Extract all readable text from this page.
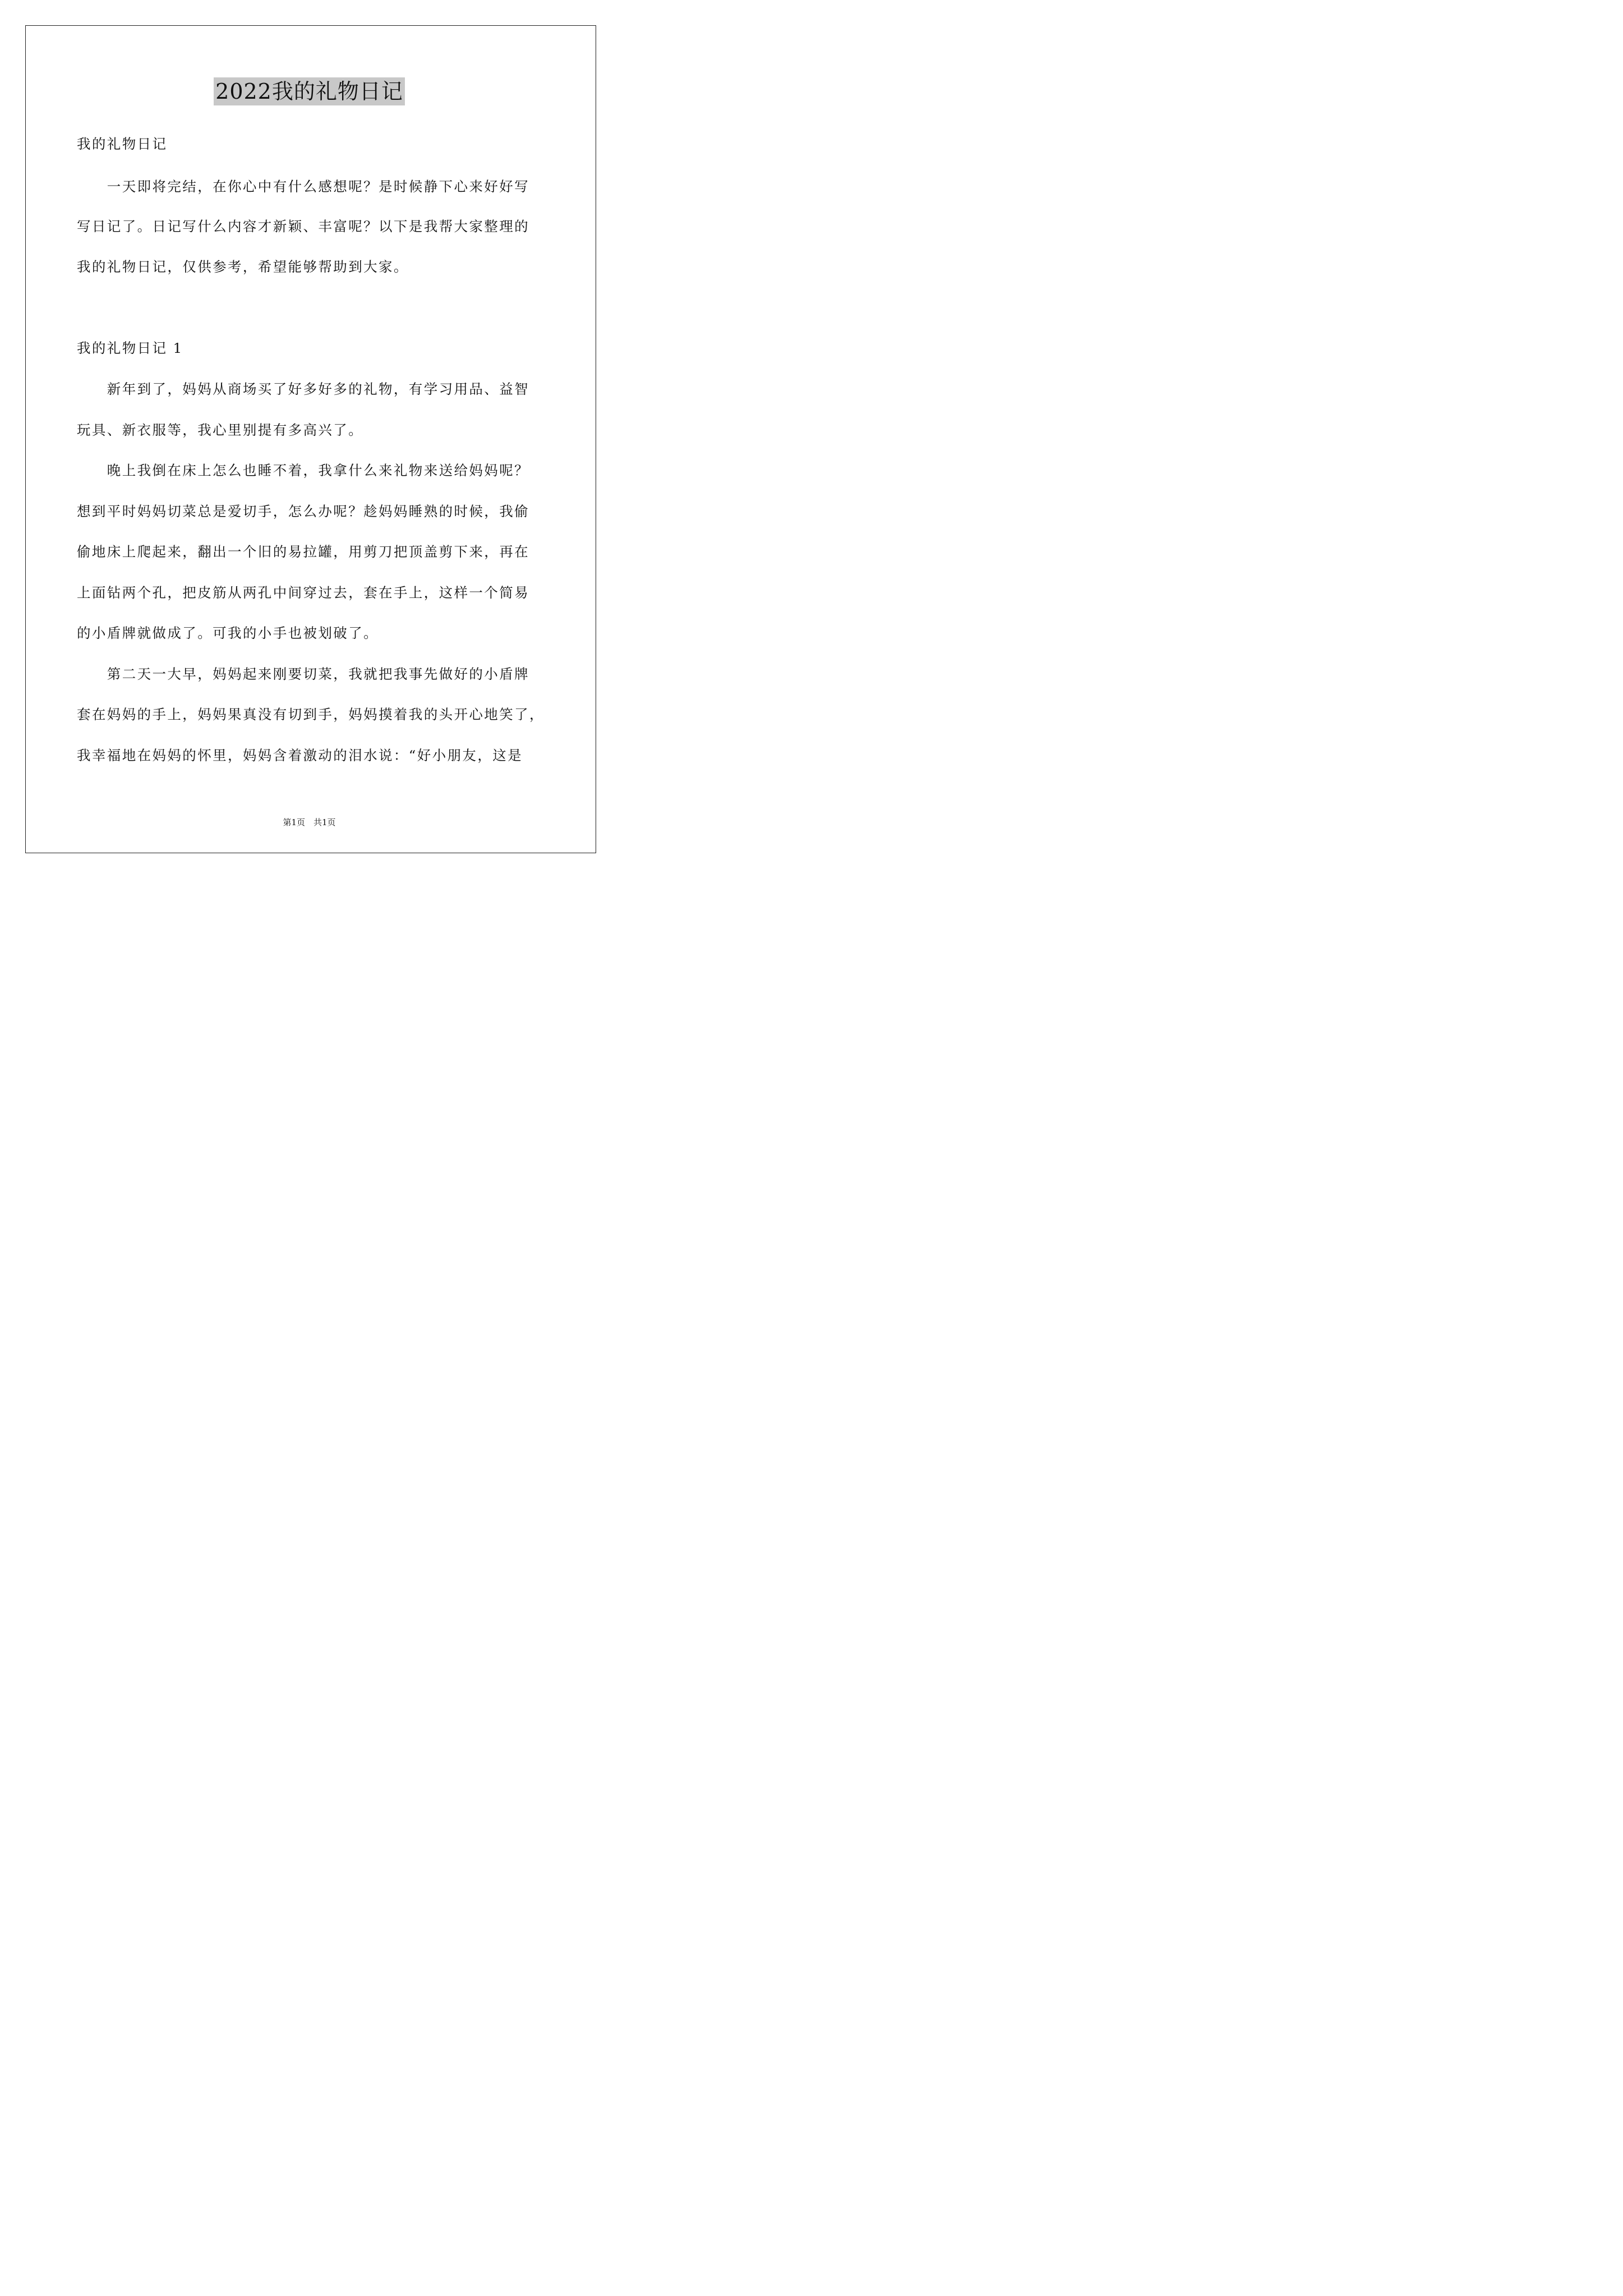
2022我的礼物日记
我的礼物日记
　　一天即将完结，在你心中有什么感想呢？是时候静下心来好好写
写日记了。日记写什么内容才新颖、丰富呢？以下是我帮大家整理的
我的礼物日记，仅供参考，希望能够帮助到大家。
我的礼物日记 1
　　新年到了，妈妈从商场买了好多好多的礼物，有学习用品、益智
玩具、新衣服等，我心里别提有多高兴了。
　　晚上我倒在床上怎么也睡不着，我拿什么来礼物来送给妈妈呢？
想到平时妈妈切菜总是爱切手，怎么办呢？趁妈妈睡熟的时候，我偷
偷地床上爬起来，翻出一个旧的易拉罐，用剪刀把顶盖剪下来，再在
上面钻两个孔，把皮筋从两孔中间穿过去，套在手上，这样一个简易
的小盾牌就做成了。可我的小手也被划破了。
　　第二天一大早，妈妈起来刚要切菜，我就把我事先做好的小盾牌
套在妈妈的手上，妈妈果真没有切到手，妈妈摸着我的头开心地笑了，
我幸福地在妈妈的怀里，妈妈含着激动的泪水说：“好小朋友，这是
第1页　共1页
